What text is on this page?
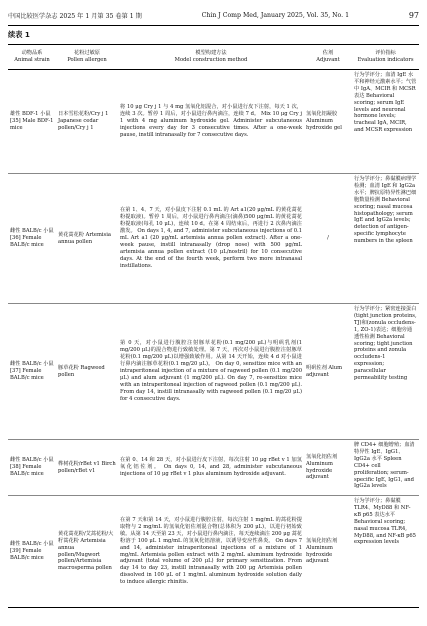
中国比较医学杂志 2025 年 1 月第 35 卷第 1 期	Chin J Comp Med, January 2025, Vol. 35, No. 1	97
续表 1
动物品系
Animal strain	花粉过敏原
Pollen allergen	模型构建方法
Model construction method	佐剂
Adjuvant	评价指标
Evaluation indicators

雄性 BDF-1 小鼠[35] Male BDF-1 mice	日本雪松花粉/Cry j 1 Japanese cedar pollen/Cry j 1	将 10 μg Cry j 1 与 4 mg 氢氧化铝混合，对小鼠进行皮下注射，每天 1 次，连续 3 次。暂停 1 周后，对小鼠进行鼻内滴注，连续 7 d。 Mix 10 μg Cry j 1 with 4 mg aluminum hydroxide gel. Administer subcutaneous injections every day for 3 consecutive times. After a one-week pause, instill intranasally for 7 consecutive days.	氢氧化铝凝胶 Aluminum hydroxide gel	行为学评分；血清 IgE 水平和神经元激素水平；气管中 IgA、MCIR 和 MCSR 表达 Behavioral scoring; serum IgE levels and neuronal hormone levels; tracheal IgA, MCIR, and MCSR expression
雌性 BALB/c 小鼠[36] Female BALB/c mice	黄花蒿花粉 Artemisia annua pollen	在第 1、4、7 天，对小鼠皮下注射 0.1 mL 的 Art a1(20 μg/mL 的黄花蒿花粉提取液)。暂停 1 周后，对小鼠进行鼻内滴注(滴鼻)500 μg/mL 的黄花蒿花粉提取液(每孔 10 μL)，连续 10 d。在第 4 周结束后，再进行 2 次鼻内滴注激发。 On days 1, 4, and 7, administer subcutaneous injections of 0.1 mL Art a1 (20 μg/mL artemisia annua pollen extract). After a one-week pause, instill intranasally (drop nose) with 500 μg/mL artemisia annua pollen extract (10 μL/nostril) for 10 consecutive days. At the end of the fourth week, perform two more intranasal instillations.	/	行为学评分；鼻黏膜病理学检测；血清 IgE 和 IgG2a 水平；脾抗原特异性淋巴细胞数量检测 Behavioral scoring; nasal mucosa histopathology; serum IgE and IgG2a levels; detection of antigen-specific lymphocyte numbers in the spleen
雌性 BALB/c 小鼠[37] Female BALB/c mice	豚草花粉 Ragweed pollen	第 0 天，对小鼠进行腹腔注射豚草花粉(0.1 mg/200 μL)与明矾乳剂(1 mg/200 μL)的混合物进行致敏处理。第 7 天，再次对小鼠进行腹腔注射豚草花粉(0.1 mg/200 μL)以增强致敏作用。从第 14 天开始，连续 4 d 对小鼠进行鼻内滴注豚草花粉(0.1 mg/20 μL)。 On day 0, sensitize mice with an intraperitoneal injection of a mixture of ragweed pollen (0.1 mg/200 μL) and alum adjuvant (1 mg/200 μL). On day 7, re-sensitize mice with an intraperitoneal injection of ragweed pollen (0.1 mg/200 μL). From day 14, instill intranasally with ragweed pollen (0.1 mg/20 μL) for 4 consecutive days.	明矾佐剂 Alum adjuvant	行为学评分；紧密连接蛋白(tight junction proteins, TJ)和(zonula occludens-1, ZO-1)表达；细胞旁通透性检测 Behavioral scoring; tight junction proteins and zonula occludens-1 expression; paracellular permeability testing
雌性 BALB/c 小鼠[38] Female BALB/c mice	桦树花粉/rBet v1 Birch pollen/rBet v1	在第 0、14 和 28 天，对小鼠进行皮下注射，每次注射 10 μg rBet v 1 加氢氧化铝佐剂。 On days 0, 14, and 28, administer subcutaneous injections of 10 μg rBet v 1 plus aluminum hydroxide adjuvant.	氢氧化铝佐剂 Aluminum hydroxide adjuvant	脾 CD4+ 细胞增殖；血清特异性 IgE、IgG1、IgG2a 水平 Spleen CD4+ cell proliferation; serum-specific IgE, IgG1, and IgG2a levels
雌性 BALB/c 小鼠[39] Female BALB/c mice	黄花蒿花粉/艾蒿花粉/大籽蒿花粉 Artemisia annua pollen/Mugwort pollen/Artemisia macrosperma pollen	在第 7 天和第 14 天，对小鼠进行腹腔注射，每次注射 1 mg/mL 的蒿花粉提取物与 2 mg/mL 的氢氧化铝佐剂混合物(总体积为 200 μL)，以进行初始致敏。从第 14 天至第 23 天，对小鼠进行鼻内滴注，每天连续滴注 200 μg 蒿花粉溶于 100 μL 1 mg/mL 的氢氧化铝溶液，以诱导变应性鼻炎。 On days 7 and 14, administer intraperitoneal injections of a mixture of 1 mg/mL Artemisia pollen extract with 2 mg/mL aluminum hydroxide adjuvant (total volume of 200 μL) for primary sensitization. From day 14 to day 23, instill intranasally with 200 μg Artemisia pollen dissolved in 100 μL of 1 mg/mL aluminum hydroxide solution daily to induce allergic rhinitis.	氢氧化铝佐剂 Aluminum hydroxide adjuvant	行为学评分；鼻黏膜 TLR4、MyD88 和 NF-κB p65 表达水平 Behavioral scoring; nasal mucosa TLR4, MyD88, and NF-κB p65 expression levels
